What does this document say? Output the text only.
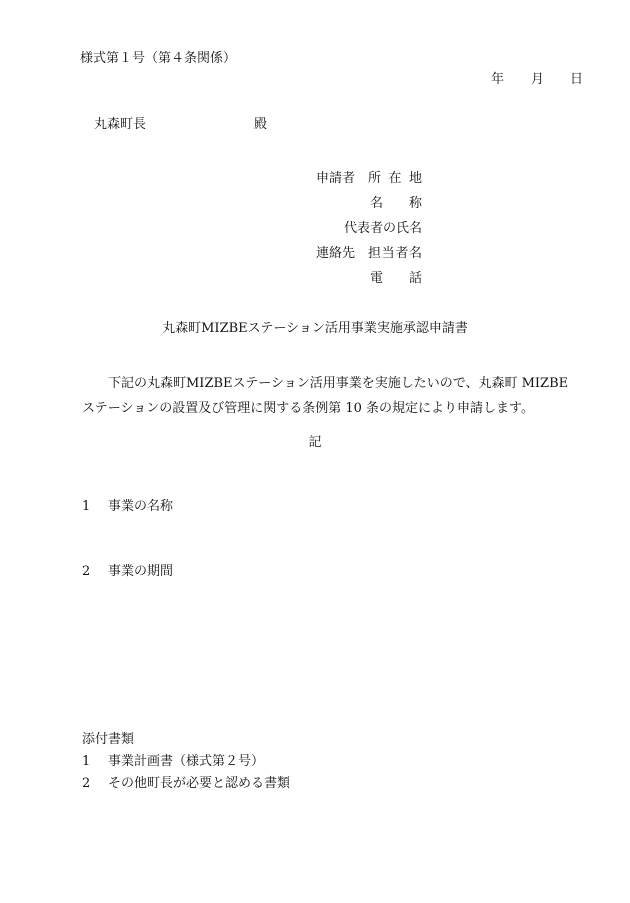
様式第１号（第４条関係）
年 月 日
丸森町長	殿
申請者 所 在 地
名　 称
代表者の氏名
連絡先 担当者名
電　 話
丸森町MIZBEステーション活用事業実施承認申請書
下記の丸森町MIZBEステーション活用事業を実施したいので、丸森町 MIZBE ステーションの設置及び管理に関する条例第 10 条の規定により申請します。
記
1 事業の名称
2 事業の期間
添付書類
1 事業計画書（様式第２号）
2 その他町長が必要と認める書類
